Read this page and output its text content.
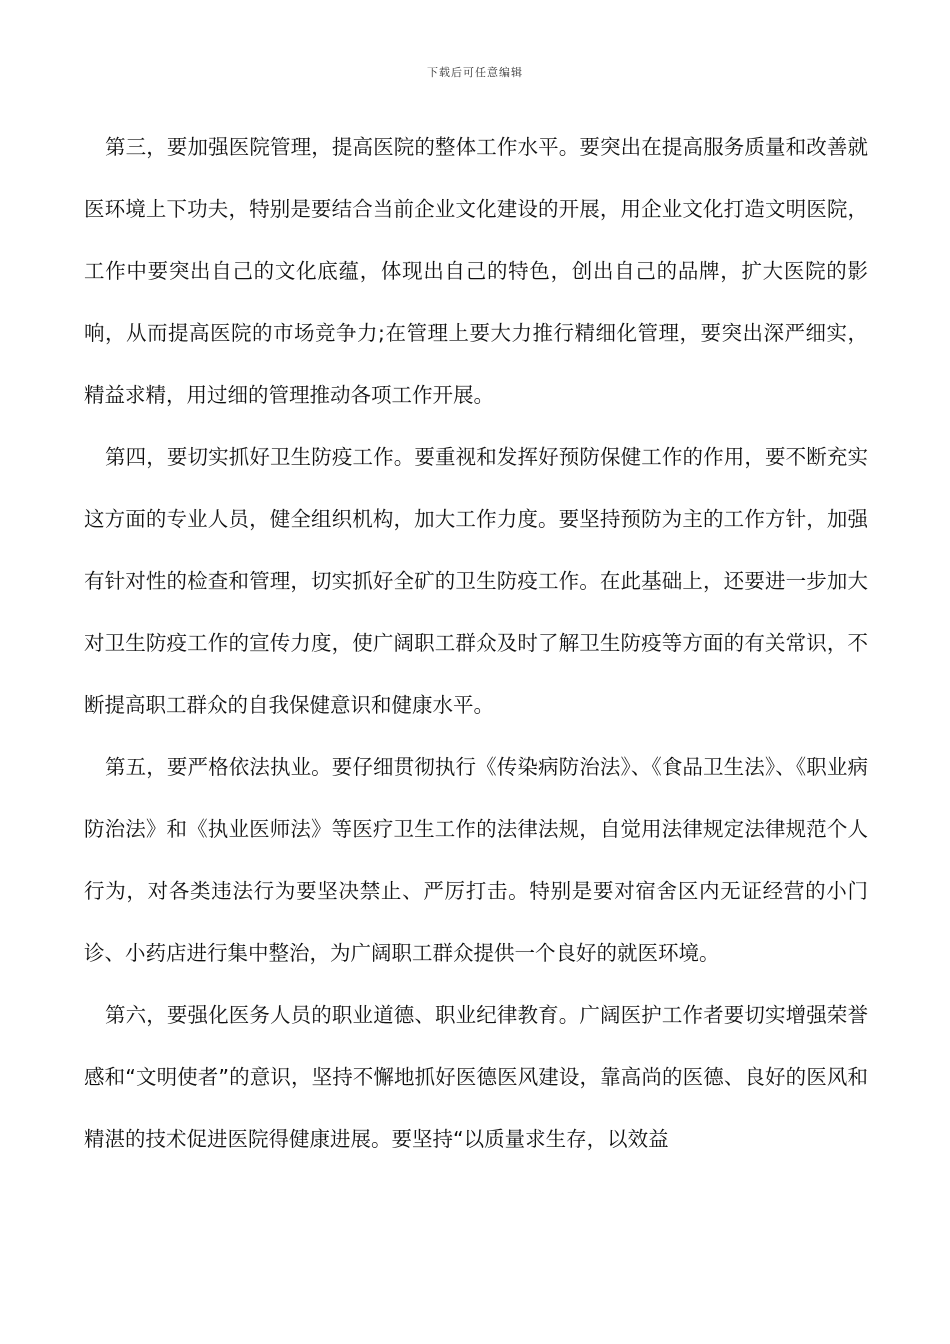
下载后可任意编辑

第三，要加强医院管理，提高医院的整体工作水平。要突出在提高服务质量和改善就医环境上下功夫，特别是要结合当前企业文化建设的开展，用企业文化打造文明医院，工作中要突出自己的文化底蕴，体现出自己的特色，创出自己的品牌，扩大医院的影响，从而提高医院的市场竞争力;在管理上要大力推行精细化管理，要突出深严细实，精益求精，用过细的管理推动各项工作开展。

第四，要切实抓好卫生防疫工作。要重视和发挥好预防保健工作的作用，要不断充实这方面的专业人员，健全组织机构，加大工作力度。要坚持预防为主的工作方针，加强有针对性的检查和管理，切实抓好全矿的卫生防疫工作。在此基础上，还要进一步加大对卫生防疫工作的宣传力度，使广阔职工群众及时了解卫生防疫等方面的有关常识，不断提高职工群众的自我保健意识和健康水平。

第五，要严格依法执业。要仔细贯彻执行《传染病防治法》、《食品卫生法》、《职业病防治法》和《执业医师法》等医疗卫生工作的法律法规，自觉用法律规定法律规范个人行为，对各类违法行为要坚决禁止、严厉打击。特别是要对宿舍区内无证经营的小门诊、小药店进行集中整治，为广阔职工群众提供一个良好的就医环境。

第六，要强化医务人员的职业道德、职业纪律教育。广阔医护工作者要切实增强荣誉感和“文明使者”的意识，坚持不懈地抓好医德医风建设，靠高尚的医德、良好的医风和精湛的技术促进医院得健康进展。要坚持“以质量求生存，以效益
